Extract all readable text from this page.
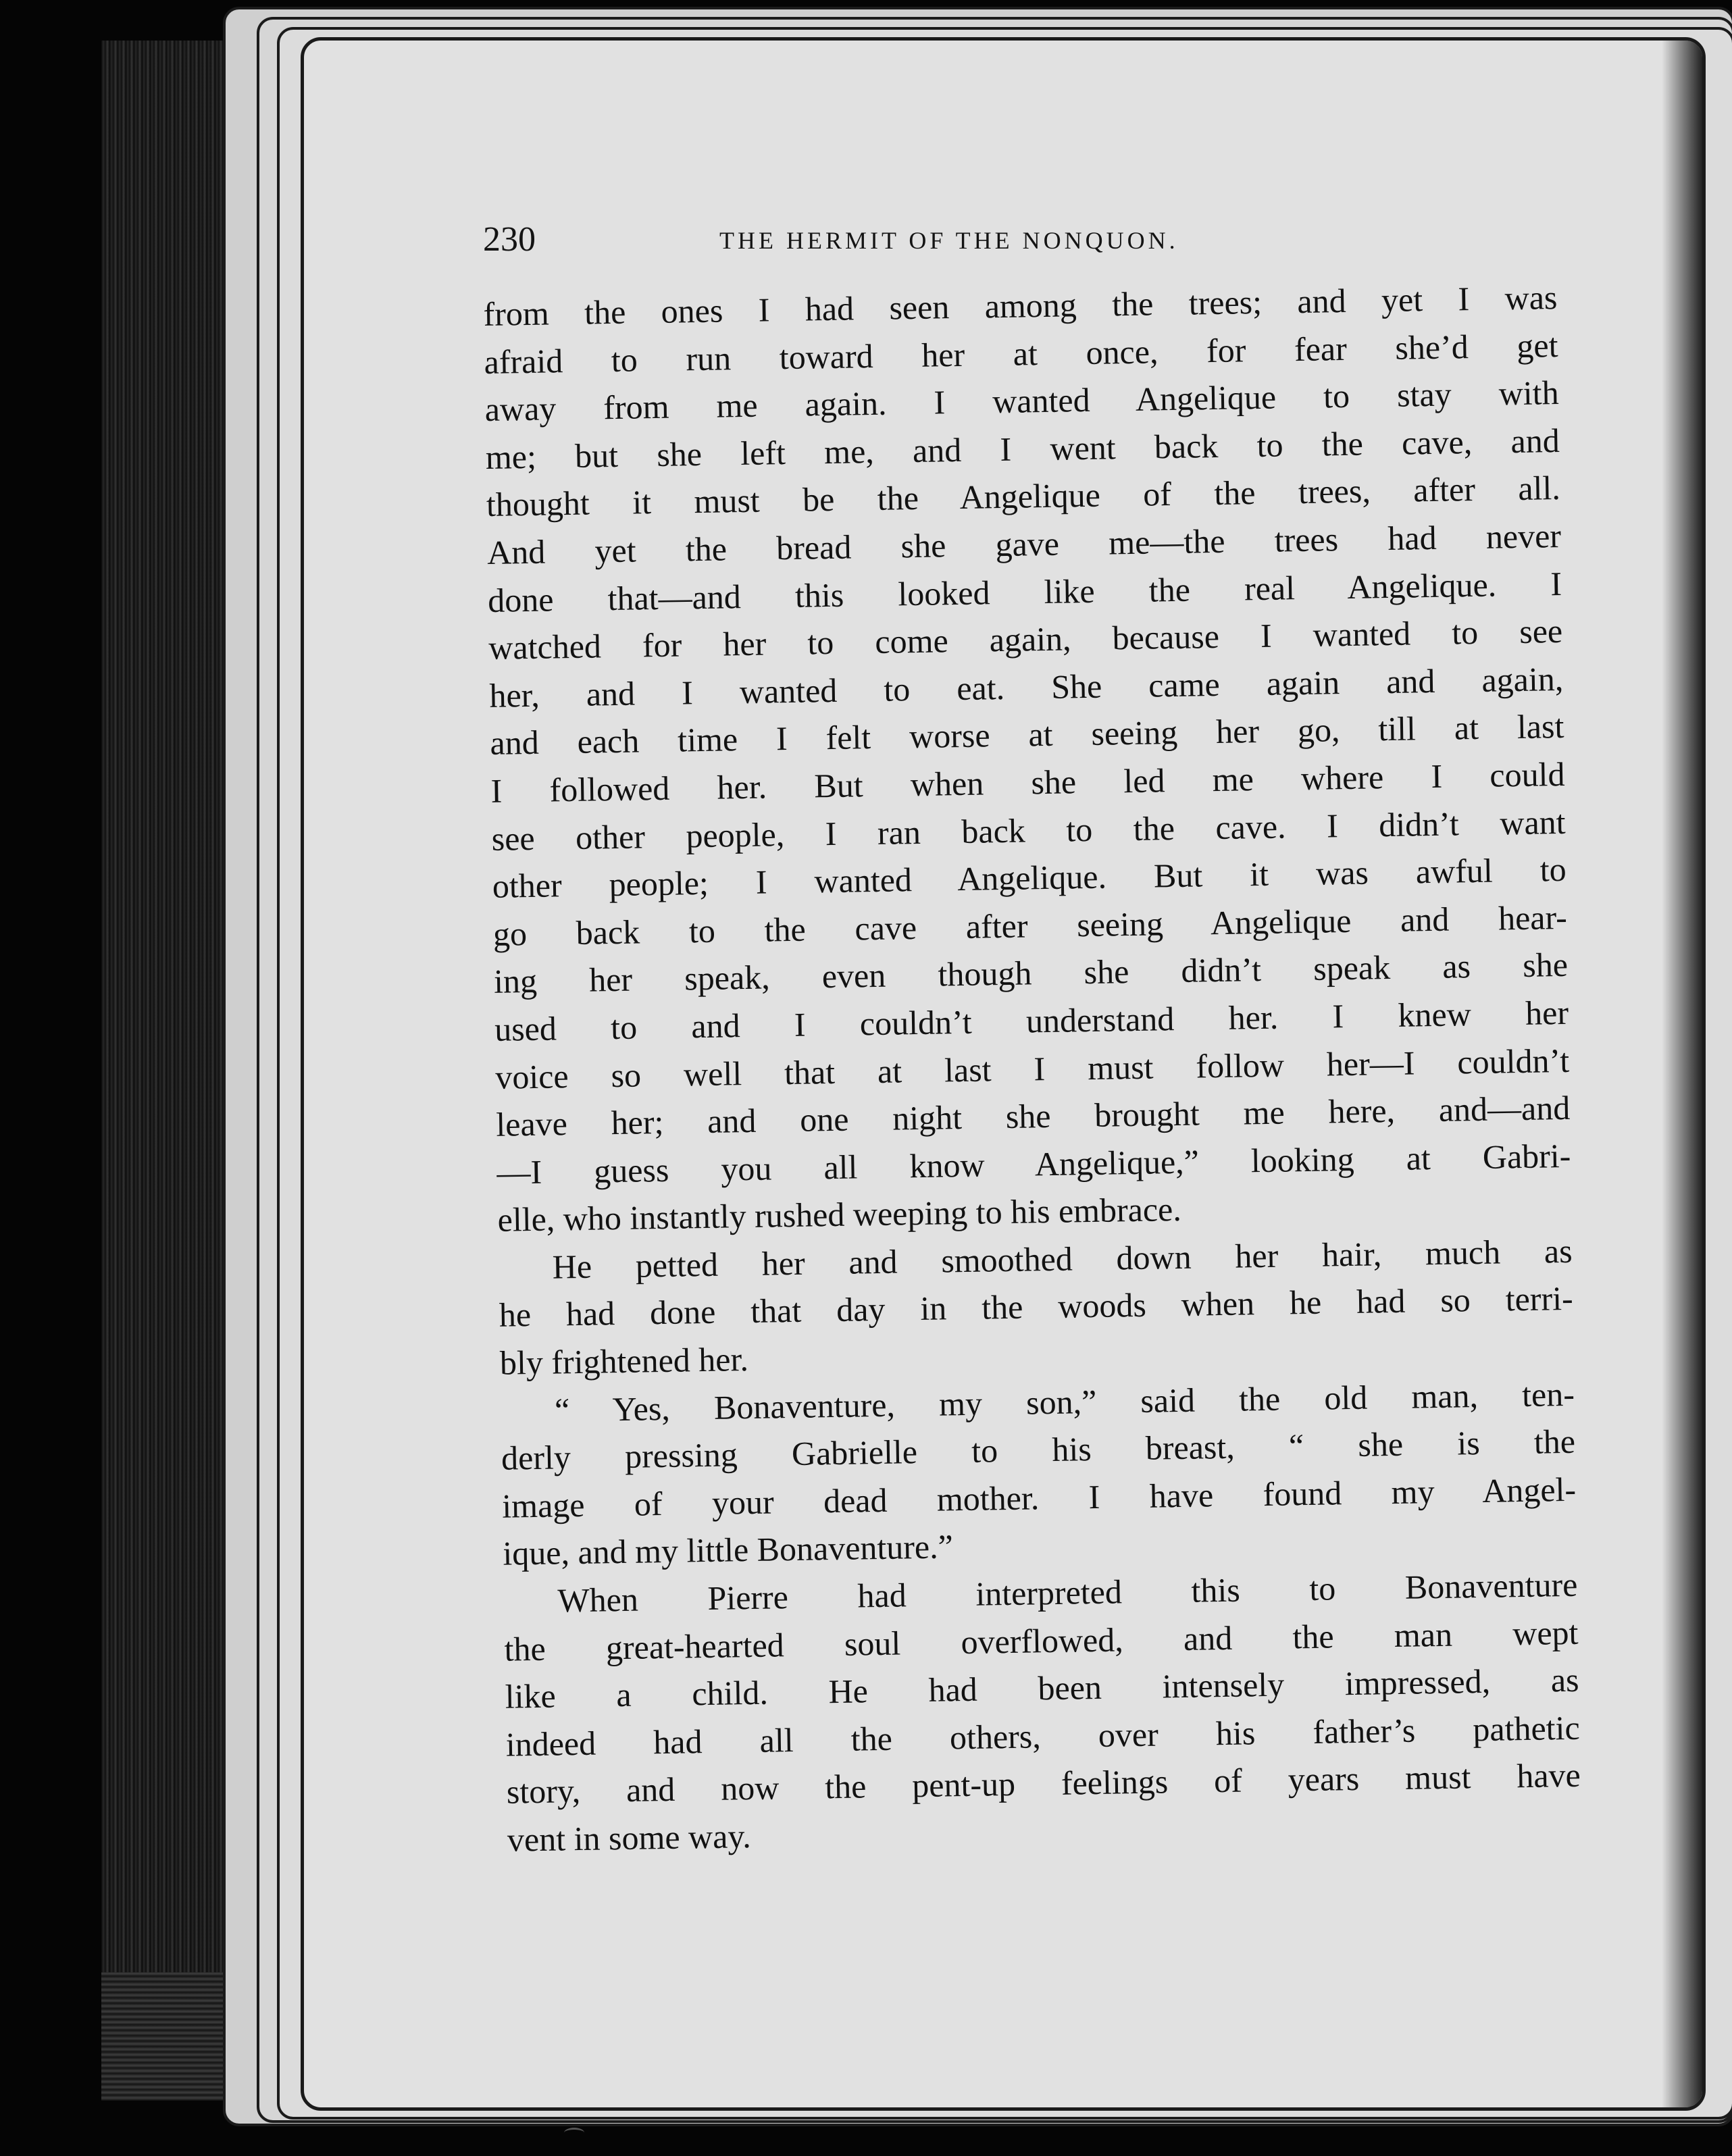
230	THE HERMIT OF THE NONQUON.
from the ones I had seen among the trees; and yet I was
afraid to run toward her at once, for fear she’d get
away from me again. I wanted Angelique to stay with
me; but she left me, and I went back to the cave, and
thought it must be the Angelique of the trees, after all.
And yet the bread she gave me—the trees had never
done that—and this looked like the real Angelique. I
watched for her to come again, because I wanted to see
her, and I wanted to eat. She came again and again,
and each time I felt worse at seeing her go, till at last
I followed her. But when she led me where I could
see other people, I ran back to the cave. I didn’t want
other people; I wanted Angelique. But it was awful to
go back to the cave after seeing Angelique and hear-
ing her speak, even though she didn’t speak as she
used to and I couldn’t understand her. I knew her
voice so well that at last I must follow her—I couldn’t
leave her; and one night she brought me here, and—and
—I guess you all know Angelique,” looking at Gabri-
elle, who instantly rushed weeping to his embrace.
He petted her and smoothed down her hair, much as
he had done that day in the woods when he had so terri-
bly frightened her.
“ Yes, Bonaventure, my son,” said the old man, ten-
derly pressing Gabrielle to his breast, “ she is the
image of your dead mother. I have found my Angel-
ique, and my little Bonaventure.”
When Pierre had interpreted this to Bonaventure
the great-hearted soul overflowed, and the man wept
like a child. He had been intensely impressed, as
indeed had all the others, over his father’s pathetic
story, and now the pent-up feelings of years must have
vent in some way.
